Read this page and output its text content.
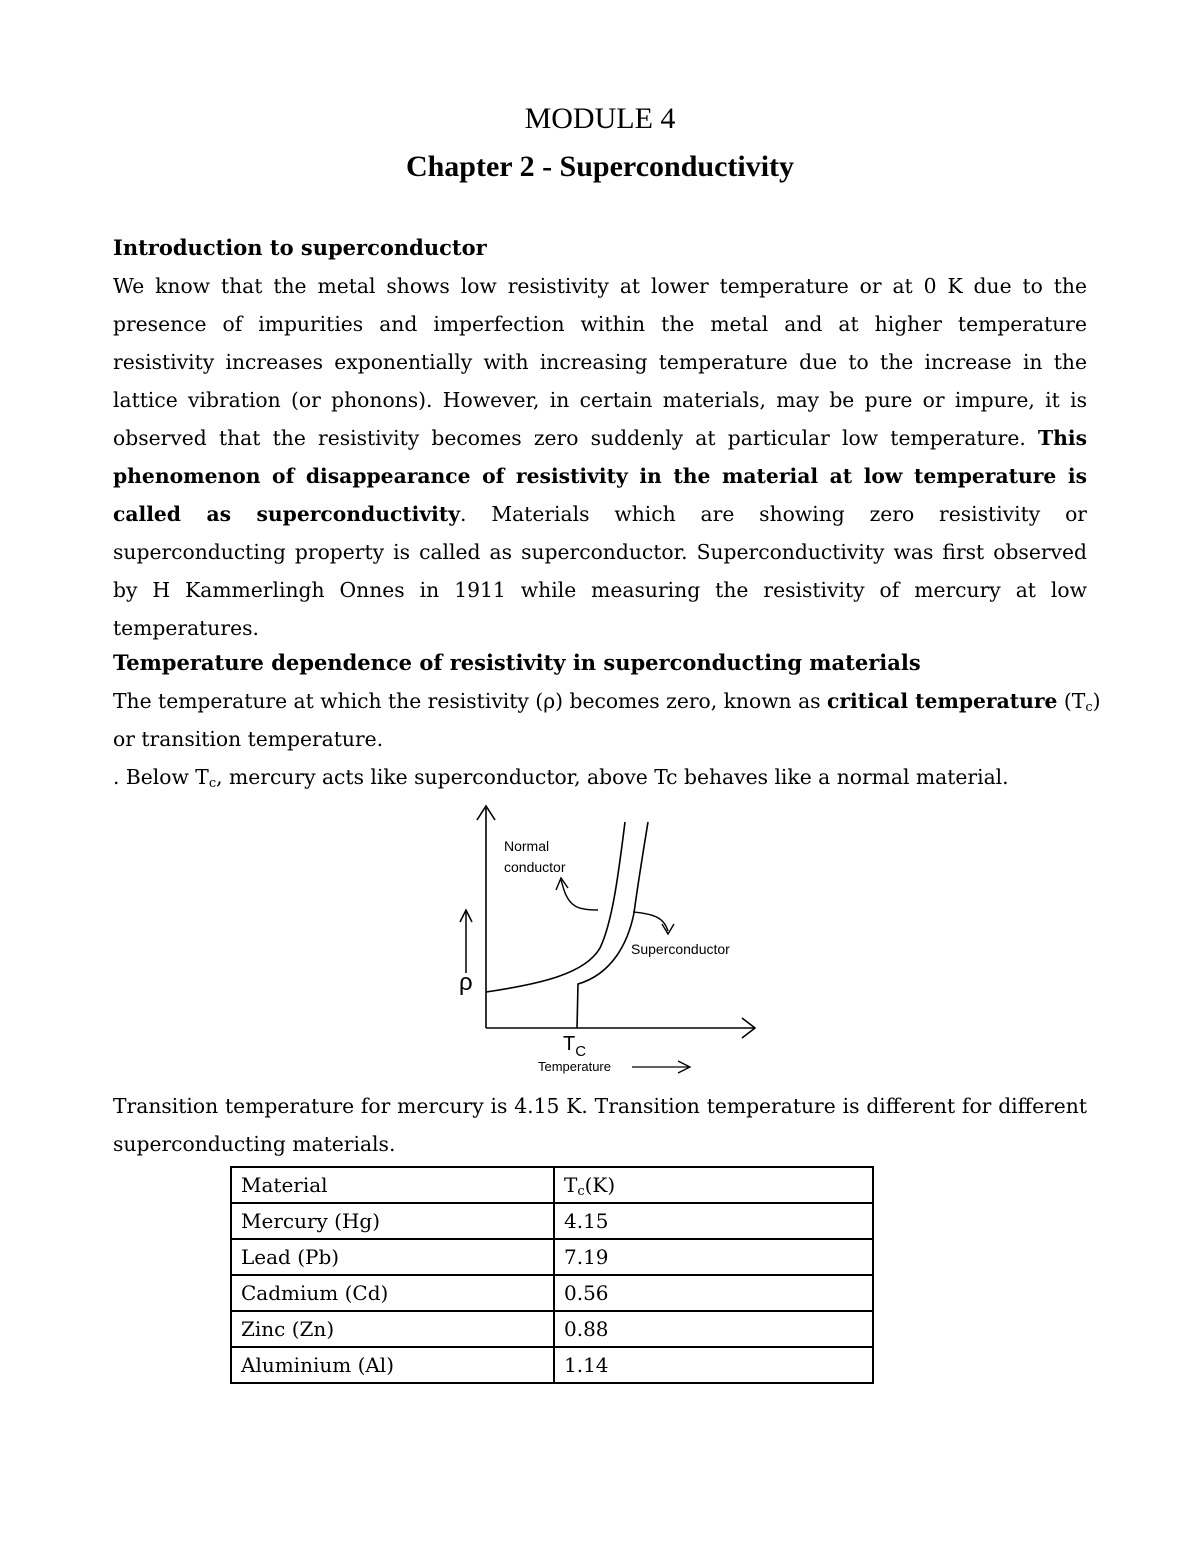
MODULE 4
Chapter 2 - Superconductivity

Introduction to superconductor

We know that the metal shows low resistivity at lower temperature or at 0 K due to the presence of impurities and imperfection within the metal and at higher temperature resistivity increases exponentially with increasing temperature due to the increase in the lattice vibration (or phonons). However, in certain materials, may be pure or impure, it is observed that the resistivity becomes zero suddenly at particular low temperature. This phenomenon of disappearance of resistivity in the material at low temperature is called as superconductivity. Materials which are showing zero resistivity or superconducting property is called as superconductor. Superconductivity was first observed by H Kammerlingh Onnes in 1911 while measuring the resistivity of mercury at low temperatures.

Temperature dependence of resistivity in superconducting materials

The temperature at which the resistivity (ρ) becomes zero, known as critical temperature $(T_c)$

or transition temperature.

. Below $T_c$, mercury acts like superconductor, above Tc behaves like a normal material.

ρ
Normal
conductor
Superconductor
$T_C$
Temperature

Transition temperature for mercury is 4.15 K. Transition temperature is different for different superconducting materials.

Material	$T_c(K)$
Mercury (Hg)	4.15
Lead (Pb)	7.19
Cadmium (Cd)	0.56
Zinc (Zn)	0.88
Aluminium (Al)	1.14
